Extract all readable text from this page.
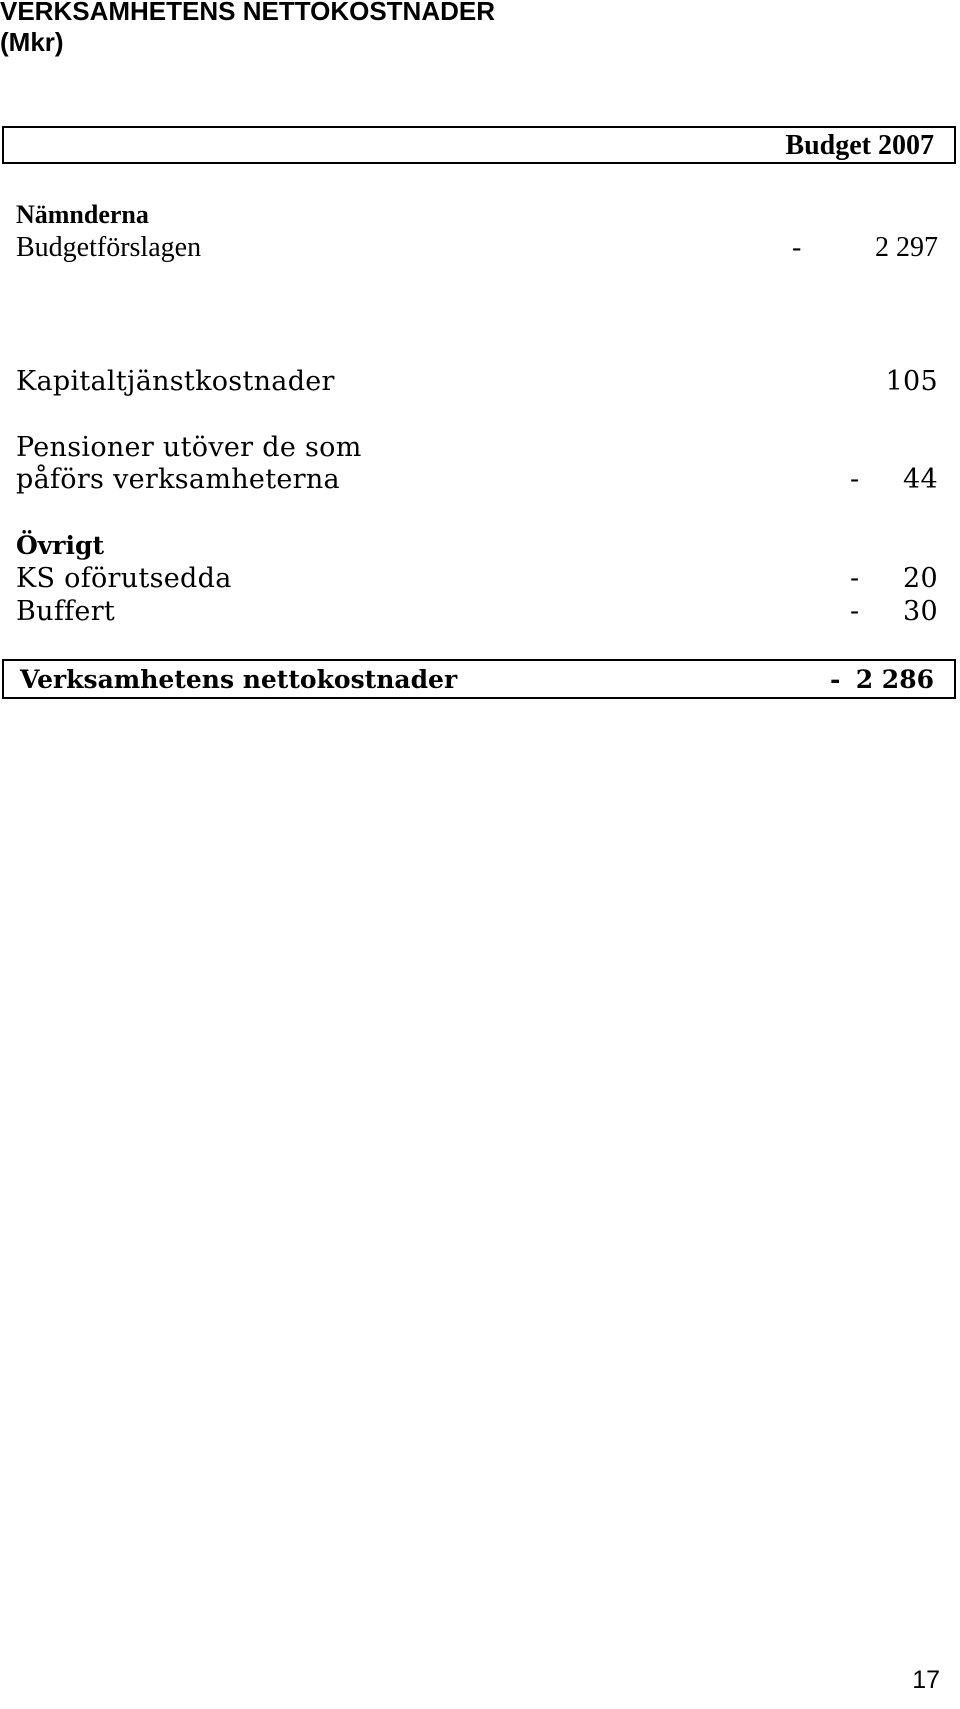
VERKSAMHETENS NETTOKOSTNADER
(Mkr)
Budget 2007
Nämnderna
Budgetförslagen	-	2 297
Kapitaltjänstkostnader	105
Pensioner utöver de som
påförs verksamheterna	- 44
Övrigt
KS oförutsedda	- 20
Buffert	- 30
Verksamhetens nettokostnader	- 2 286
17
